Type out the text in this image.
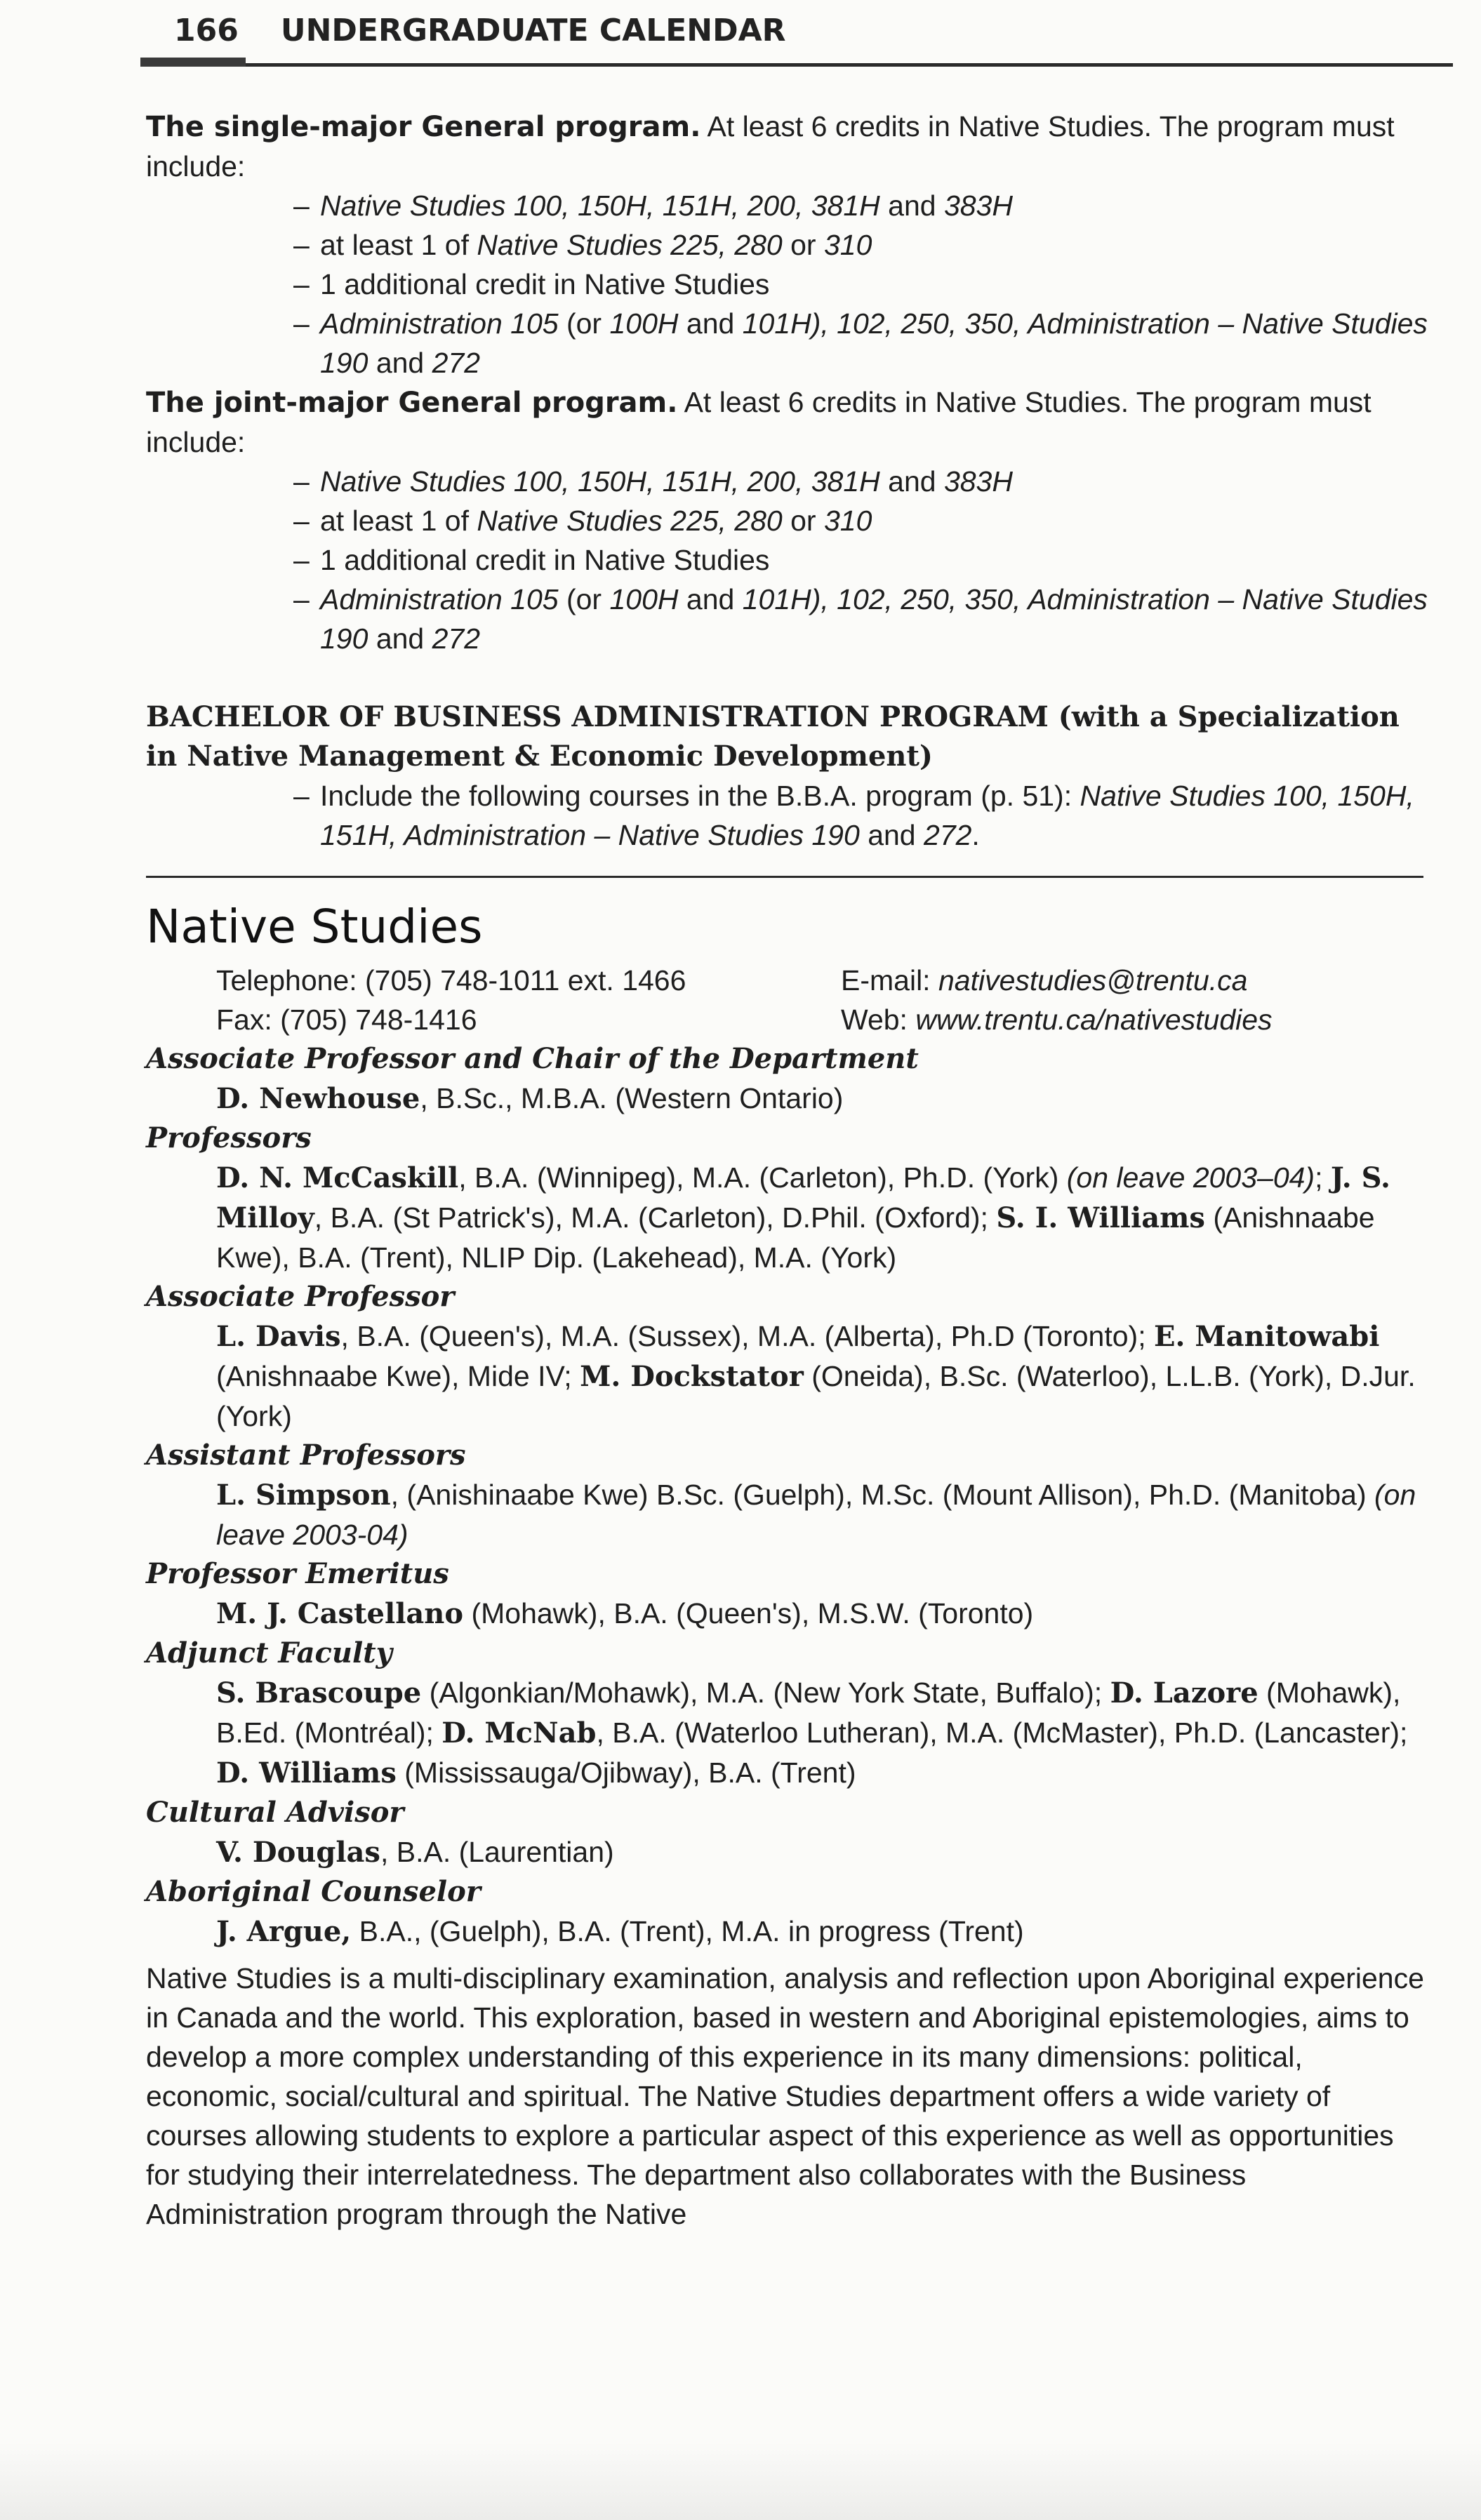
166 UNDERGRADUATE CALENDAR

The single-major General program. At least 6 credits in Native Studies. The program must include:

– Native Studies 100, 150H, 151H, 200, 381H and 383H
– at least 1 of Native Studies 225, 280 or 310
– 1 additional credit in Native Studies
– Administration 105 (or 100H and 101H), 102, 250, 350, Administration – Native Studies 190 and 272

The joint-major General program. At least 6 credits in Native Studies. The program must include:

– Native Studies 100, 150H, 151H, 200, 381H and 383H
– at least 1 of Native Studies 225, 280 or 310
– 1 additional credit in Native Studies
– Administration 105 (or 100H and 101H), 102, 250, 350, Administration – Native Studies 190 and 272

BACHELOR OF BUSINESS ADMINISTRATION PROGRAM (with a Specialization in Native Management & Economic Development)

– Include the following courses in the B.B.A. program (p. 51): Native Studies 100, 150H, 151H, Administration – Native Studies 190 and 272.
Native Studies
Telephone: (705) 748-1011 ext. 1466	E-mail: nativestudies@trentu.ca
Fax: (705) 748-1416	Web: www.trentu.ca/nativestudies
Associate Professor and Chair of the Department
D. Newhouse, B.Sc., M.B.A. (Western Ontario)
Professors
D. N. McCaskill, B.A. (Winnipeg), M.A. (Carleton), Ph.D. (York) (on leave 2003–04); J. S. Milloy, B.A. (St Patrick's), M.A. (Carleton), D.Phil. (Oxford); S. I. Williams (Anishnaabe Kwe), B.A. (Trent), NLIP Dip. (Lakehead), M.A. (York)
Associate Professor
L. Davis, B.A. (Queen's), M.A. (Sussex), M.A. (Alberta), Ph.D (Toronto); E. Manitowabi (Anishnaabe Kwe), Mide IV; M. Dockstator (Oneida), B.Sc. (Waterloo), L.L.B. (York), D.Jur. (York)
Assistant Professors
L. Simpson, (Anishinaabe Kwe) B.Sc. (Guelph), M.Sc. (Mount Allison), Ph.D. (Manitoba) (on leave 2003-04)
Professor Emeritus
M. J. Castellano (Mohawk), B.A. (Queen's), M.S.W. (Toronto)
Adjunct Faculty
S. Brascoupe (Algonkian/Mohawk), M.A. (New York State, Buffalo); D. Lazore (Mohawk), B.Ed. (Montréal); D. McNab, B.A. (Waterloo Lutheran), M.A. (McMaster), Ph.D. (Lancaster); D. Williams (Mississauga/Ojibway), B.A. (Trent)
Cultural Advisor
V. Douglas, B.A. (Laurentian)
Aboriginal Counselor
J. Argue, B.A., (Guelph), B.A. (Trent), M.A. in progress (Trent)

Native Studies is a multi-disciplinary examination, analysis and reflection upon Aboriginal experience in Canada and the world. This exploration, based in western and Aboriginal epistemologies, aims to develop a more complex understanding of this experience in its many dimensions: political, economic, social/cultural and spiritual. The Native Studies department offers a wide variety of courses allowing students to explore a particular aspect of this experience as well as opportunities for studying their interrelatedness. The department also collaborates with the Business Administration program through the Native
